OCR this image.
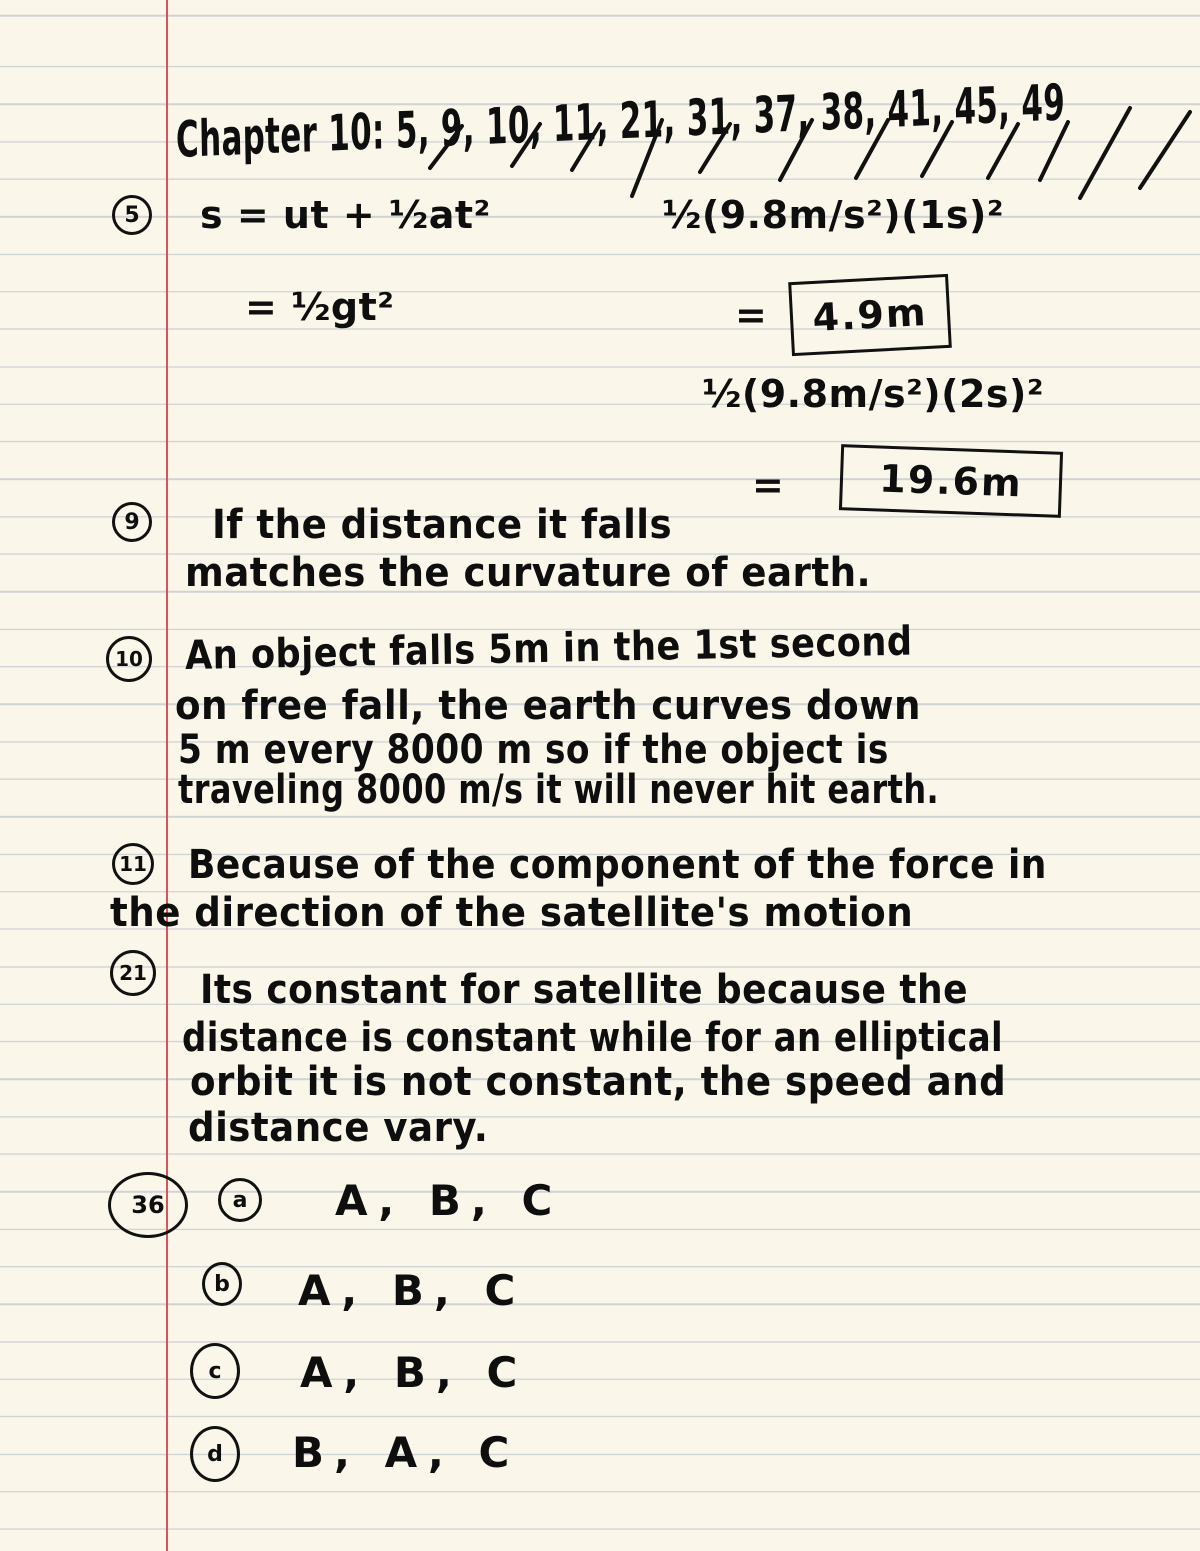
Chapter 10: 5, 9, 10, 11, 21, 31, 37, 38, 41, 45, 49

5	s = ut + ½at²

= ½gt²

½(9.8m/s²)(1s)²

=	4.9m

½(9.8m/s²)(2s)²

=	19.6m
9	If the distance it falls

matches the curvature of earth.

10 An object falls 5m in the 1st second

on free fall, the earth curves down

5 m every 8000 m so if the object is

traveling 8000 m/s it will never hit earth.

11 Because of the component of the force in

the direction of the satellite's motion

21 Its constant for satellite because the

distance is constant while for an elliptical

orbit it is not constant, the speed and

distance vary.

36	a	A, B, C

b A, B, C

c	A, B, C

d	B, A, C
